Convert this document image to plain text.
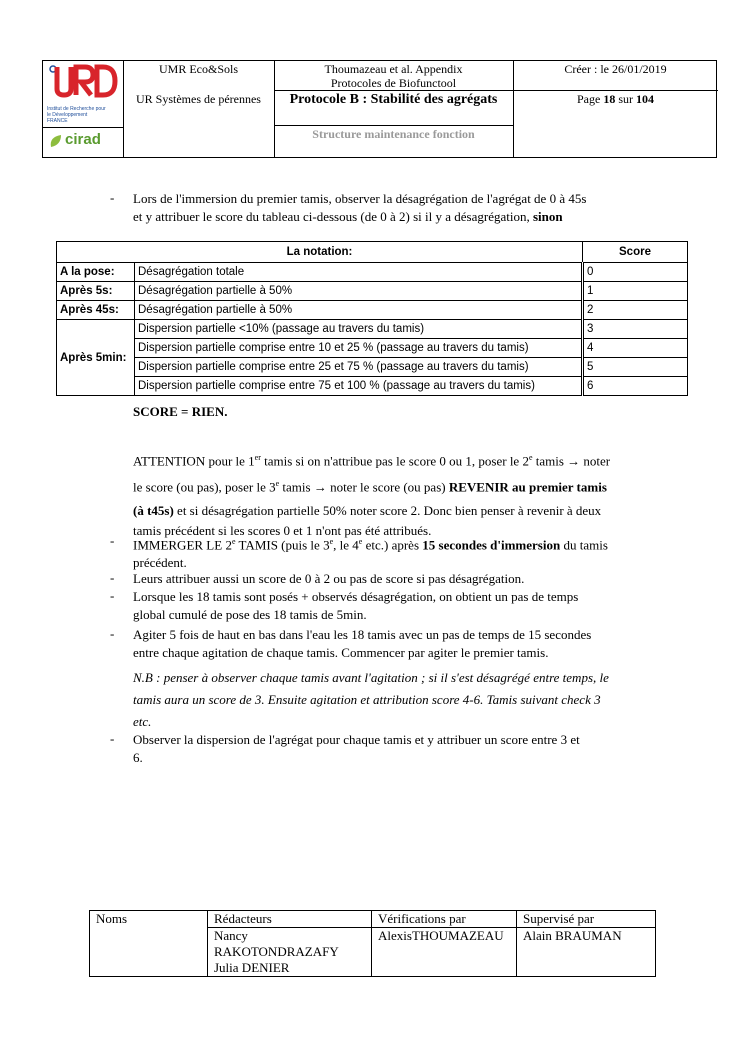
Institut de Recherche pour le Développement FRANCE
cirad
UMR Eco&Sols
UR Systèmes de pérennes
Thoumazeau et al. Appendix
Protocoles de Biofunctool
Protocole B : Stabilité des agrégats
Structure maintenance fonction
Créer : le 26/01/2019
Page 18 sur 104
- Lors de l'immersion du premier tamis, observer la désagrégation de l'agrégat de 0 à 45s
et y attribuer le score du tableau ci-dessous (de 0 à 2) si il y a désagrégation, sinon
La notation:		Score
A la pose:	Désagrégation totale	0
Après 5s:	Désagrégation partielle à 50%	1
Après 45s:	Désagrégation partielle à 50%	2
Après 5min:	Dispersion partielle <10% (passage au travers du tamis)	3
	Dispersion partielle comprise entre 10 et 25 % (passage au travers du tamis)	4
	Dispersion partielle comprise entre 25 et 75 % (passage au travers du tamis)	5
	Dispersion partielle comprise entre 75 et 100 % (passage au travers du tamis)	6
SCORE = RIEN.
ATTENTION pour le 1er tamis si on n'attribue pas le score 0 ou 1, poser le 2e tamis → noter
le score (ou pas), poser le 3e tamis → noter le score (ou pas) REVENIR au premier tamis
(à t45s) et si désagrégation partielle 50% noter score 2. Donc bien penser à revenir à deux
tamis précédent si les scores 0 et 1 n'ont pas été attribués.
- IMMERGER LE 2e TAMIS (puis le 3e, le 4e etc.) après 15 secondes d'immersion du tamis
précédent.
- Leurs attribuer aussi un score de 0 à 2 ou pas de score si pas désagrégation.
- Lorsque les 18 tamis sont posés + observés désagrégation, on obtient un pas de temps
global cumulé de pose des 18 tamis de 5min.
- Agiter 5 fois de haut en bas dans l'eau les 18 tamis avec un pas de temps de 15 secondes
entre chaque agitation de chaque tamis. Commencer par agiter le premier tamis.
N.B : penser à observer chaque tamis avant l'agitation ; si il s'est désagrégé entre temps, le
tamis aura un score de 3. Ensuite agitation et attribution score 4-6. Tamis suivant check 3
etc.
- Observer la dispersion de l'agrégat pour chaque tamis et y attribuer un score entre 3 et
6.
Noms	Rédacteurs	Vérifications par	Supervisé par

	Nancy
RAKOTONDRAZAFY
Julia DENIER	AlexisTHOUMAZEAU	Alain BRAUMAN
